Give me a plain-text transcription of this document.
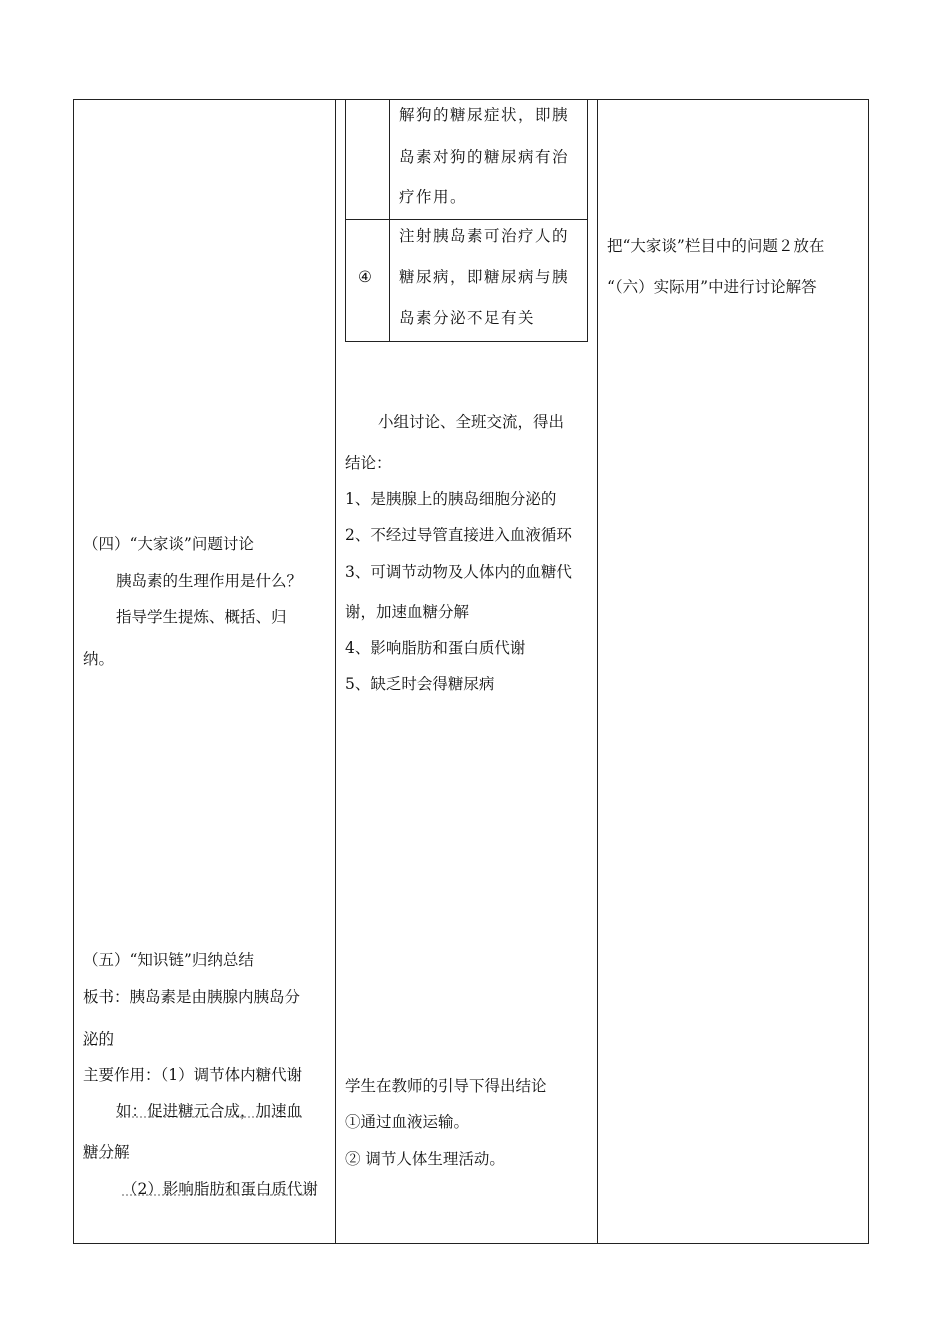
解狗的糖尿症状，即胰
岛素对狗的糖尿病有治
疗作用。
④
注射胰岛素可治疗人的
糖尿病，即糖尿病与胰
岛素分泌不足有关
把“大家谈”栏目中的问题２放在
“（六）实际用”中进行讨论解答
小组讨论、全班交流，得出
结论：
1、是胰腺上的胰岛细胞分泌的
2、不经过导管直接进入血液循环
3、可调节动物及人体内的血糖代
谢，加速血糖分解
4、影响脂肪和蛋白质代谢
5、缺乏时会得糖尿病
学生在教师的引导下得出结论
①通过血液运输。
② 调节人体生理活动。
（四）“大家谈”问题讨论
胰岛素的生理作用是什么？
指导学生提炼、概括、归
纳。
（五）“知识链”归纳总结
板书：胰岛素是由胰腺内胰岛分
泌的
主要作用：（1）调节体内糖代谢
如：促进糖元合成，加速血
糖分解
（2）影响脂肪和蛋白质代谢
